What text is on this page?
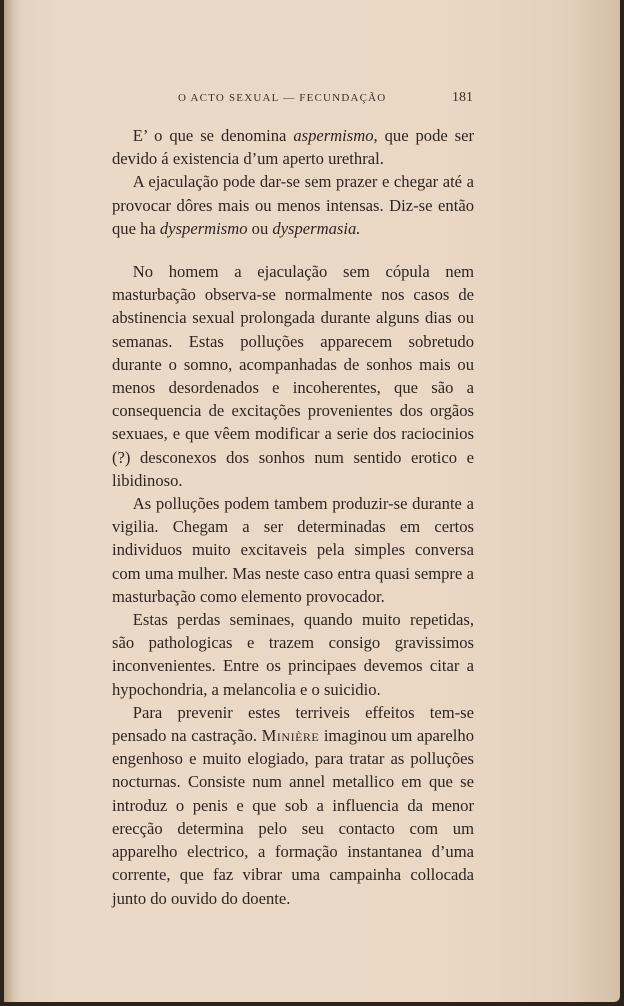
O ACTO SEXUAL — FECUNDAÇÃO	181

E’ o que se denomina aspermismo, que pode ser devido á existencia d’um aperto urethral.

A ejaculação pode dar-se sem prazer e chegar até a provocar dôres mais ou menos intensas. Diz-se então que ha dyspermismo ou dyspermasia.

No homem a ejaculação sem cópula nem masturbação observa-se normalmente nos casos de abstinencia sexual prolongada durante alguns dias ou semanas. Estas polluções apparecem sobretudo durante o somno, acompanhadas de sonhos mais ou menos desordenados e incoherentes, que são a consequencia de excitações provenientes dos orgãos sexuaes, e que vêem modificar a serie dos raciocinios (?) desconexos dos sonhos num sentido erotico e libidinoso.

As polluções podem tambem produzir-se durante a vigilia. Chegam a ser determinadas em certos individuos muito excitaveis pela simples conversa com uma mulher. Mas neste caso entra quasi sempre a masturbação como elemento provocador.

Estas perdas seminaes, quando muito repetidas, são pathologicas e trazem consigo gravissimos inconvenientes. Entre os principaes devemos citar a hypochondria, a melancolia e o suicidio.

Para prevenir estes terriveis effeitos tem-se pensado na castração. Minière imaginou um aparelho engenhoso e muito elogiado, para tratar as polluções nocturnas. Consiste num annel metallico em que se introduz o penis e que sob a influencia da menor erecção determina pelo seu contacto com um apparelho electrico, a formação instantanea d’uma corrente, que faz vibrar uma campainha collocada junto do ouvido do doente.
